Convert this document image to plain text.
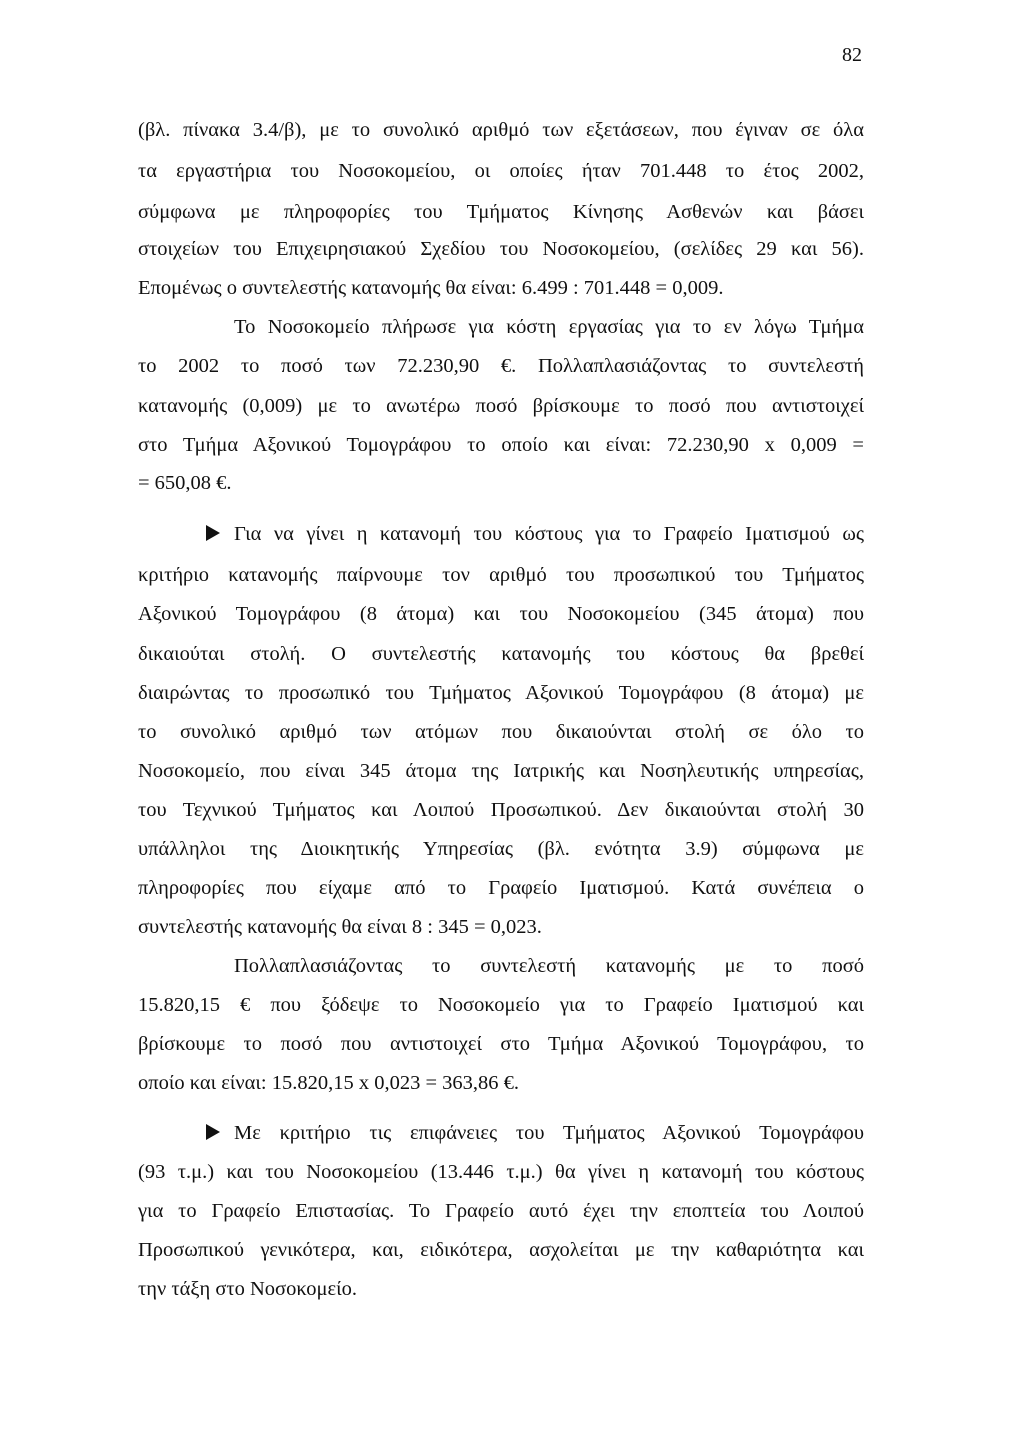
82
(βλ. πίνακα 3.4/β), με το συνολικό αριθμό των εξετάσεων, που έγιναν σε όλα
τα εργαστήρια του Νοσοκομείου, οι οποίες ήταν 701.448 το έτος 2002,
σύμφωνα με πληροφορίες του Τμήματος Κίνησης Ασθενών και βάσει
στοιχείων του Επιχειρησιακού Σχεδίου του Νοσοκομείου, (σελίδες 29 και 56).
Επομένως ο συντελεστής κατανομής θα είναι: 6.499 : 701.448 = 0,009.
Το Νοσοκομείο πλήρωσε για κόστη εργασίας για το εν λόγω Τμήμα
το 2002 το ποσό των 72.230,90 €. Πολλαπλασιάζοντας το συντελεστή
κατανομής (0,009) με το ανωτέρω ποσό βρίσκουμε το ποσό που αντιστοιχεί
στο Τμήμα Αξονικού Τομογράφου το οποίο και είναι: 72.230,90 x 0,009 =
= 650,08 €.
Για να γίνει η κατανομή του κόστους για το Γραφείο Ιματισμού ως
κριτήριο κατανομής παίρνουμε τον αριθμό του προσωπικού του Τμήματος
Αξονικού Τομογράφου (8 άτομα) και του Νοσοκομείου (345 άτομα) που
δικαιούται στολή. Ο συντελεστής κατανομής του κόστους θα βρεθεί
διαιρώντας το προσωπικό του Τμήματος Αξονικού Τομογράφου (8 άτομα) με
το συνολικό αριθμό των ατόμων που δικαιούνται στολή σε όλο το
Νοσοκομείο, που είναι 345 άτομα της Ιατρικής και Νοσηλευτικής υπηρεσίας,
του Τεχνικού Τμήματος και Λοιπού Προσωπικού. Δεν δικαιούνται στολή 30
υπάλληλοι της Διοικητικής Υπηρεσίας (βλ. ενότητα 3.9) σύμφωνα με
πληροφορίες που είχαμε από το Γραφείο Ιματισμού. Κατά συνέπεια ο
συντελεστής κατανομής θα είναι 8 : 345 = 0,023.
Πολλαπλασιάζοντας το συντελεστή κατανομής με το ποσό
15.820,15 € που ξόδεψε το Νοσοκομείο για το Γραφείο Ιματισμού και
βρίσκουμε το ποσό που αντιστοιχεί στο Τμήμα Αξονικού Τομογράφου, το
οποίο και είναι: 15.820,15 x 0,023 = 363,86 €.
Με κριτήριο τις επιφάνειες του Τμήματος Αξονικού Τομογράφου
(93 τ.μ.) και του Νοσοκομείου (13.446 τ.μ.) θα γίνει η κατανομή του κόστους
για το Γραφείο Επιστασίας. Το Γραφείο αυτό έχει την εποπτεία του Λοιπού
Προσωπικού γενικότερα, και, ειδικότερα, ασχολείται με την καθαριότητα και
την τάξη στο Νοσοκομείο.
